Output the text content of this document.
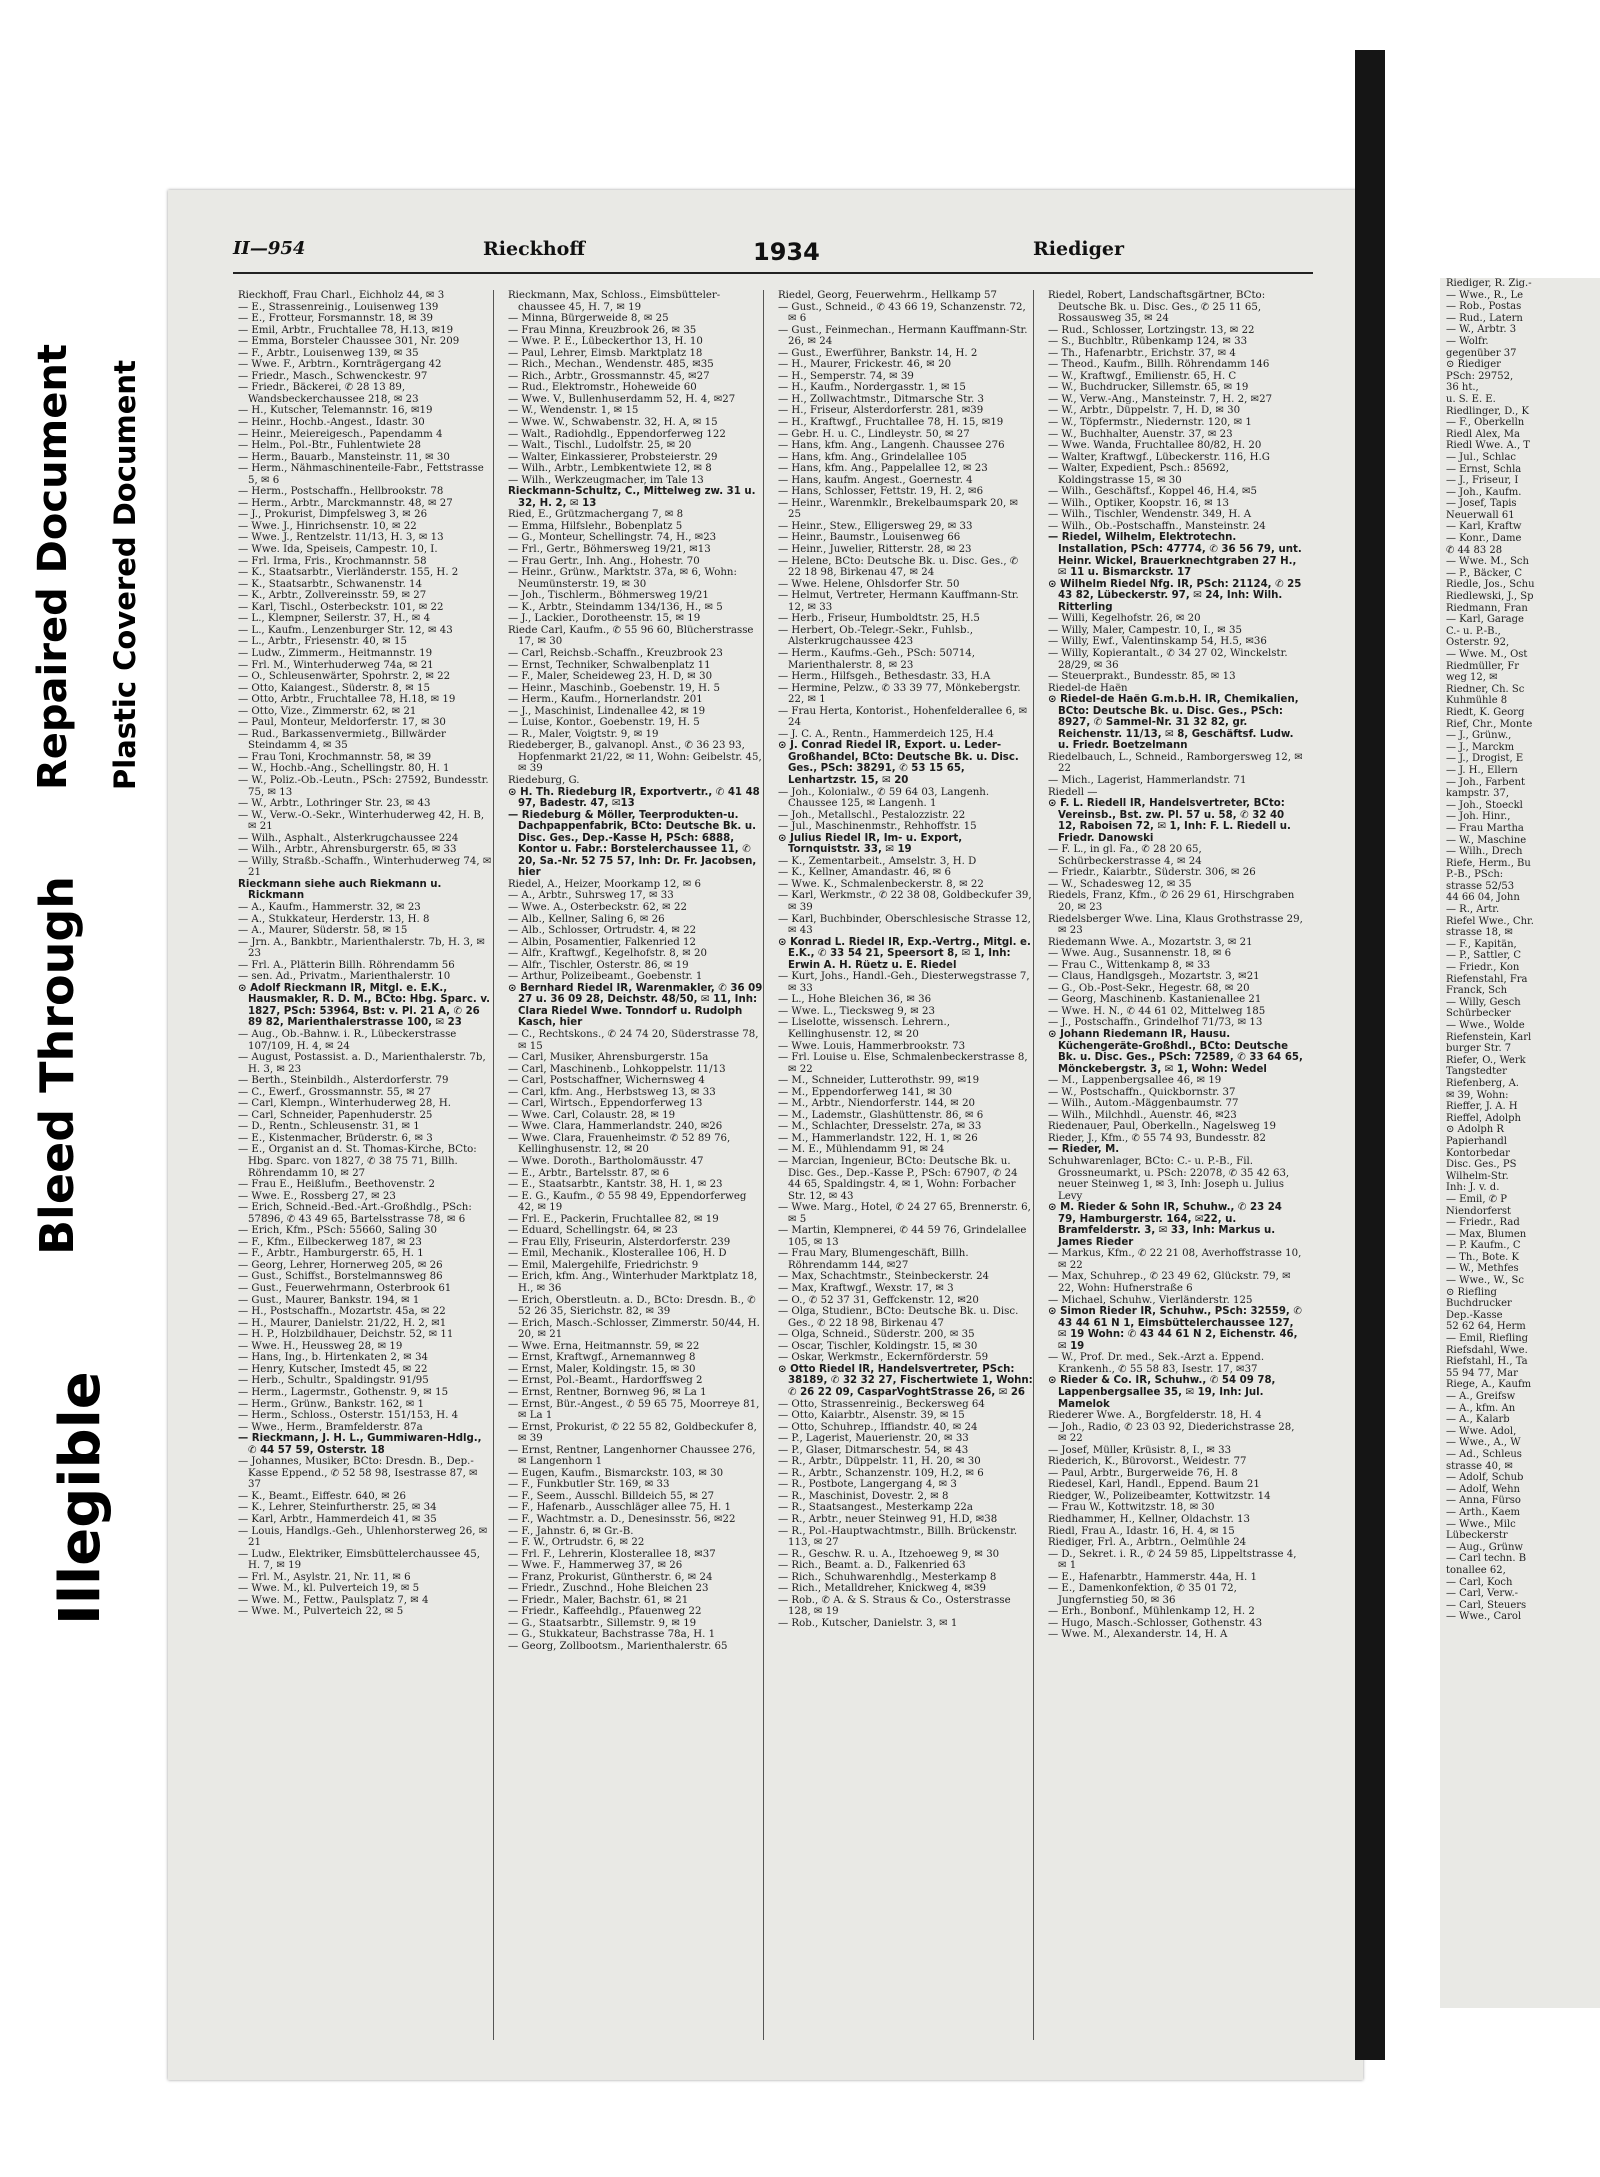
Bleed Through
Repaired Document
Illegible
Plastic Covered Document
II—954	Rieckhoff	1934	Riediger

Rieckhoff, Frau Charl., Eichholz 44, ✉ 3

— E., Strassenreinig., Louisenweg 139

— E., Frotteur, Forsmannstr. 18, ✉ 39

— Emil, Arbtr., Fruchtallee 78, H.13, ✉19

— Emma, Borsteler Chaussee 301, Nr. 209

— F., Arbtr., Louisenweg 139, ✉ 35

— Wwe. F., Arbtrn., Kornträgergang 42

— Friedr., Masch., Schwenckestr. 97

— Friedr., Bäckerei, ✆ 28 13 89, Wandsbeckerchaussee 218, ✉ 23

— H., Kutscher, Telemannstr. 16, ✉19

— Heinr., Hochb.-Angest., Idastr. 30

— Heinr., Meiereigesch., Papendamm 4

— Helm., Pol.-Btr., Fuhlentwiete 28

— Herm., Bauarb., Mansteinstr. 11, ✉ 30

— Herm., Nähmaschinenteile-Fabr., Fettstrasse 5, ✉ 6

— Herm., Postschaffn., Hellbrookstr. 78

— Herm., Arbtr., Marckmannstr. 48, ✉ 27

— J., Prokurist, Dimpfelsweg 3, ✉ 26

— Wwe. J., Hinrichsenstr. 10, ✉ 22

— Wwe. J., Rentzelstr. 11/13, H. 3, ✉ 13

— Wwe. Ida, Speiseis, Campestr. 10, I.

— Frl. Irma, Fris., Krochmannstr. 58

— K., Staatsarbtr., Vierländerstr. 155, H. 2

— K., Staatsarbtr., Schwanenstr. 14

— K., Arbtr., Zollvereinsstr. 59, ✉ 27

— Karl, Tischl., Osterbeckstr. 101, ✉ 22

— L., Klempner, Seilerstr. 37, H., ✉ 4

— L., Kaufm., Lenzenburger Str. 12, ✉ 43

— L., Arbtr., Friesenstr. 40, ✉ 15

— Ludw., Zimmerm., Heitmannstr. 19

— Frl. M., Winterhuderweg 74a, ✉ 21

— O., Schleusenwärter, Spohrstr. 2, ✉ 22

— Otto, Kaiangest., Süderstr. 8, ✉ 15

— Otto, Arbtr., Fruchtallee 78, H.18, ✉ 19

— Otto, Vize., Zimmerstr. 62, ✉ 21

— Paul, Monteur, Meldorferstr. 17, ✉ 30

— Rud., Barkassenvermietg., Billwärder Steindamm 4, ✉ 35

— Frau Toni, Krochmannstr. 58, ✉ 39

— W., Hochb.-Ang., Schellingstr. 80, H. 1

— W., Poliz.-Ob.-Leutn., PSch: 27592, Bundesstr. 75, ✉ 13

— W., Arbtr., Lothringer Str. 23, ✉ 43

— W., Verw.-O.-Sekr., Winterhuderweg 42, H. B, ✉ 21

— Wilh., Asphalt., Alsterkrugchaussee 224

— Wilh., Arbtr., Ahrensburgerstr. 65, ✉ 33

— Willy, Straßb.-Schaffn., Winterhuderweg 74, ✉ 21

Rieckmann siehe auch Riekmann u. Rickmann

— A., Kaufm., Hammerstr. 32, ✉ 23

— A., Stukkateur, Herderstr. 13, H. 8

— A., Maurer, Süderstr. 58, ✉ 15

— Jrn. A., Bankbtr., Marienthalerstr. 7b, H. 3, ✉ 23

— Frl. A., Plätterin Billh. Röhrendamm 56

— sen. Ad., Privatm., Marienthalerstr. 10

⊙ Adolf Rieckmann IR, Mitgl. e. E.K., Hausmakler, R. D. M., BCto: Hbg. Sparc. v. 1827, PSch: 53964, Bst: v. Pl. 21 A, ✆ 26 89 82, Marienthalerstrasse 100, ✉ 23

— Aug., Ob.-Bahnw. i. R., Lübeckerstrasse 107/109, H. 4, ✉ 24

— August, Postassist. a. D., Marienthalerstr. 7b, H. 3, ✉ 23

— Berth., Steinbildh., Alsterdorferstr. 79

— C., Ewerf., Grossmannstr. 55, ✉ 27

— Carl, Klempn., Winterhuderweg 28, H.

— Carl, Schneider, Papenhuderstr. 25

— D., Rentn., Schleusenstr. 31, ✉ 1

— E., Kistenmacher, Brüderstr. 6, ✉ 3

— E., Organist an d. St. Thomas-Kirche, BCto: Hbg. Sparc. von 1827, ✆ 38 75 71, Billh. Röhrendamm 10, ✉ 27

— Frau E., Heißlufm., Beethovenstr. 2

— Wwe. E., Rossberg 27, ✉ 23

— Erich, Schneid.-Bed.-Art.-Großhdlg., PSch: 57896, ✆ 43 49 65, Bartelsstrasse 78, ✉ 6

— Erich, Kfm., PSch: 55660, Saling 30

— F., Kfm., Eilbeckerweg 187, ✉ 23

— F., Arbtr., Hamburgerstr. 65, H. 1

— Georg, Lehrer, Hornerweg 205, ✉ 26

— Gust., Schiffst., Borstelmannsweg 86

— Gust., Feuerwehrmann, Osterbrook 61

— Gust., Maurer, Bankstr. 194, ✉ 1

— H., Postschaffn., Mozartstr. 45a, ✉ 22

— H., Maurer, Danielstr. 21/22, H. 2, ✉1

— H. P., Holzbildhauer, Deichstr. 52, ✉ 11

— Wwe. H., Heussweg 28, ✉ 19

— Hans, Ing., b. Hirtenkaten 2, ✉ 34

— Henry, Kutscher, Imstedt 45, ✉ 22

— Herb., Schultr., Spaldingstr. 91/95

— Herm., Lagermstr., Gothenstr. 9, ✉ 15

— Herm., Grünw., Bankstr. 162, ✉ 1

— Herm., Schloss., Osterstr. 151/153, H. 4

— Wwe., Herm., Bramfelderstr. 87a

— Rieckmann, J. H. L., Gummiwaren-Hdlg., ✆ 44 57 59, Osterstr. 18

— Johannes, Musiker, BCto: Dresdn. B., Dep.-Kasse Eppend., ✆ 52 58 98, Isestrasse 87, ✉ 37

— K., Beamt., Eiffestr. 640, ✉ 26

— K., Lehrer, Steinfurtherstr. 25, ✉ 34

— Karl, Arbtr., Hammerdeich 41, ✉ 35

— Louis, Handlgs.-Geh., Uhlenhorsterweg 26, ✉ 21

— Ludw., Elektriker, Eimsbüttelerchaussee 45, H. 7, ✉ 19

— Frl. M., Asylstr. 21, Nr. 11, ✉ 6

— Wwe. M., kl. Pulverteich 19, ✉ 5

— Wwe. M., Fettw., Paulsplatz 7, ✉ 4

— Wwe. M., Pulverteich 22, ✉ 5

Rieckmann, Max, Schloss., Eimsbütteler-chaussee 45, H. 7, ✉ 19

— Minna, Bürgerweide 8, ✉ 25

— Frau Minna, Kreuzbrook 26, ✉ 35

— Wwe. P. E., Lübeckerthor 13, H. 10

— Paul, Lehrer, Eimsb. Marktplatz 18

— Rich., Mechan., Wendenstr. 485, ✉35

— Rich., Arbtr., Grossmannstr. 45, ✉27

— Rud., Elektromstr., Hoheweide 60

— Wwe. V., Bullenhuserdamm 52, H. 4, ✉27

— W., Wendenstr. 1, ✉ 15

— Wwe. W., Schwabenstr. 32, H. A, ✉ 15

— Walt., Radiohdlg., Eppendorferweg 122

— Walt., Tischl., Ludolfstr. 25, ✉ 20

— Walter, Einkassierer, Probsteierstr. 29

— Wilh., Arbtr., Lembkentwiete 12, ✉ 8

— Wilh., Werkzeugmacher, im Tale 13

Rieckmann-Schultz, C., Mittelweg zw. 31 u. 32, H. 2, ✉ 13

Ried, E., Grützmachergang 7, ✉ 8

— Emma, Hilfslehr., Bobenplatz 5

— G., Monteur, Schellingstr. 74, H., ✉23

— Frl., Gertr., Böhmersweg 19/21, ✉13

— Frau Gertr., Inh. Ang., Hohestr. 70

— Heinr., Grünw., Marktstr. 37a, ✉ 6, Wohn: Neumünsterstr. 19, ✉ 30

— Joh., Tischlerm., Böhmersweg 19/21

— K., Arbtr., Steindamm 134/136, H., ✉ 5

— J., Lackier., Dorotheenstr. 15, ✉ 19

Riede Carl, Kaufm., ✆ 55 96 60, Blücherstrasse 17, ✉ 30

— Carl, Reichsb.-Schaffn., Kreuzbrook 23

— Ernst, Techniker, Schwalbenplatz 11

— F., Maler, Scheideweg 23, H. D, ✉ 30

— Heinr., Maschinb., Goebenstr. 19, H. 5

— Herm., Kaufm., Hornerlandstr. 201

— J., Maschinist, Lindenallee 42, ✉ 19

— Luise, Kontor., Goebenstr. 19, H. 5

— R., Maler, Voigtstr. 9, ✉ 19

Riedeberger, B., galvanopl. Anst., ✆ 36 23 93, Hopfenmarkt 21/22, ✉ 11, Wohn: Geibelstr. 45, ✉ 39

Riedeburg, G.

⊙ H. Th. Riedeburg IR, Exportvertr., ✆ 41 48 97, Badestr. 47, ✉13

— Riedeburg & Möller, Teerprodukten-u. Dachpappenfabrik, BCto: Deutsche Bk. u. Disc. Ges., Dep.-Kasse H, PSch: 6888, Kontor u. Fabr.: Borstelerchaussee 11, ✆ 20, Sa.-Nr. 52 75 57, Inh: Dr. Fr. Jacobsen, hier

Riedel, A., Heizer, Moorkamp 12, ✉ 6

— A., Arbtr., Suhrsweg 17, ✉ 33

— Wwe. A., Osterbeckstr. 62, ✉ 22

— Alb., Kellner, Saling 6, ✉ 26

— Alb., Schlosser, Ortrudstr. 4, ✉ 22

— Albin, Posamentier, Falkenried 12

— Alfr., Kraftwgf., Kegelhofstr. 8, ✉ 20

— Alfr., Tischler, Osterstr. 86, ✉ 19

— Arthur, Polizeibeamt., Goebenstr. 1

⊙ Bernhard Riedel IR, Warenmakler, ✆ 36 09 27 u. 36 09 28, Deichstr. 48/50, ✉ 11, Inh: Clara Riedel Wwe. Tonndorf u. Rudolph Kasch, hier

— C., Rechtskons., ✆ 24 74 20, Süderstrasse 78, ✉ 15

— Carl, Musiker, Ahrensburgerstr. 15a

— Carl, Maschinenb., Lohkoppelstr. 11/13

— Carl, Postschaffner, Wichernsweg 4

— Carl, kfm. Ang., Herbstsweg 13, ✉ 33

— Carl, Wirtsch., Eppendorferweg 13

— Wwe. Carl, Colaustr. 28, ✉ 19

— Wwe. Clara, Hammerlandstr. 240, ✉26

— Wwe. Clara, Frauenheimstr. ✆ 52 89 76, Kellinghusenstr. 12, ✉ 20

— Wwe. Doroth., Bartholomäusstr. 47

— E., Arbtr., Bartelsstr. 87, ✉ 6

— E., Staatsarbtr., Kantstr. 38, H. 1, ✉ 23

— E. G., Kaufm., ✆ 55 98 49, Eppendorferweg 42, ✉ 19

— Frl. E., Packerin, Fruchtallee 82, ✉ 19

— Eduard, Schellingstr. 64, ✉ 23

— Frau Elly, Friseurin, Alsterdorferstr. 239

— Emil, Mechanik., Klosterallee 106, H. D

— Emil, Malergehilfe, Friedrichstr. 9

— Erich, kfm. Ang., Winterhuder Marktplatz 18, H., ✉ 36

— Erich, Oberstleutn. a. D., BCto: Dresdn. B., ✆ 52 26 35, Sierichstr. 82, ✉ 39

— Erich, Masch.-Schlosser, Zimmerstr. 50/44, H. 20, ✉ 21

— Wwe. Erna, Heitmannstr. 59, ✉ 22

— Ernst, Kraftwgf., Arnemannweg 8

— Ernst, Maler, Koldingstr. 15, ✉ 30

— Ernst, Pol.-Beamt., Hardorffsweg 2

— Ernst, Rentner, Bornweg 96, ✉ La 1

— Ernst, Bür.-Angest., ✆ 59 65 75, Moorreye 81, ✉ La 1

— Ernst, Prokurist, ✆ 22 55 82, Goldbeckufer 8, ✉ 39

— Ernst, Rentner, Langenhorner Chaussee 276, ✉ Langenhorn 1

— Eugen, Kaufm., Bismarckstr. 103, ✉ 30

— F., Funkbutler Str. 169, ✉ 33

— F., Seem., Ausschl. Billdeich 55, ✉ 27

— F., Hafenarb., Ausschläger allee 75, H. 1

— F., Wachtmstr. a. D., Denesinsstr. 56, ✉22

— F., Jahnstr. 6, ✉ Gr.-B.

— F. W., Ortrudstr. 6, ✉ 22

— Frl. F., Lehrerin, Klosterallee 18, ✉37

— Wwe. F., Hammerweg 37, ✉ 26

— Franz, Prokurist, Güntherstr. 6, ✉ 24

— Friedr., Zuschnd., Hohe Bleichen 23

— Friedr., Maler, Bachstr. 61, ✉ 21

— Friedr., Kaffeehdlg., Pfauenweg 22

— G., Staatsarbtr., Sillemstr. 9, ✉ 19

— G., Stukkateur, Bachstrasse 78a, H. 1

— Georg, Zollbootsm., Marienthalerstr. 65

Riedel, Georg, Feuerwehrm., Hellkamp 57

— Gust., Schneid., ✆ 43 66 19, Schanzenstr. 72, ✉ 6

— Gust., Feinmechan., Hermann Kauffmann-Str. 26, ✉ 24

— Gust., Ewerführer, Bankstr. 14, H. 2

— H., Maurer, Frickestr. 46, ✉ 20

— H., Semperstr. 74, ✉ 39

— H., Kaufm., Nordergasstr. 1, ✉ 15

— H., Zollwachtmstr., Ditmarsche Str. 3

— H., Friseur, Alsterdorferstr. 281, ✉39

— H., Kraftwgf., Fruchtallee 78, H. 15, ✉19

— Gebr. H. u. C., Lindleystr. 50, ✉ 27

— Hans, kfm. Ang., Langenh. Chaussee 276

— Hans, kfm. Ang., Grindelallee 105

— Hans, kfm. Ang., Pappelallee 12, ✉ 23

— Hans, kaufm. Angest., Goernestr. 4

— Hans, Schlosser, Fettstr. 19, H. 2, ✉6

— Heinr., Warenmklr., Brekelbaumspark 20, ✉ 25

— Heinr., Stew., Elligersweg 29, ✉ 33

— Heinr., Baumstr., Louisenweg 66

— Heinr., Juwelier, Ritterstr. 28, ✉ 23

— Helene, BCto: Deutsche Bk. u. Disc. Ges., ✆ 22 18 98, Birkenau 47, ✉ 24

— Wwe. Helene, Ohlsdorfer Str. 50

— Helmut, Vertreter, Hermann Kauffmann-Str. 12, ✉ 33

— Herb., Friseur, Humboldtstr. 25, H.5

— Herbert, Ob.-Telegr.-Sekr., Fuhlsb., Alsterkrugchaussee 423

— Herm., Kaufms.-Geh., PSch: 50714, Marienthalerstr. 8, ✉ 23

— Herm., Hilfsgeh., Bethesdastr. 33, H.A

— Hermine, Pelzw., ✆ 33 39 77, Mönkebergstr. 22, ✉ 1

— Frau Herta, Kontorist., Hohenfelderallee 6, ✉ 24

— J. C. A., Rentn., Hammerdeich 125, H.4

⊙ J. Conrad Riedel IR, Export. u. Leder-Großhandel, BCto: Deutsche Bk. u. Disc. Ges., PSch: 38291, ✆ 53 15 65, Lenhartzstr. 15, ✉ 20

— Joh., Kolonialw., ✆ 59 64 03, Langenh. Chaussee 125, ✉ Langenh. 1

— Joh., Metallschl., Pestalozzistr. 22

— Jul., Maschinenmstr., Rehhoffstr. 15

⊙ Julius Riedel IR, Im- u. Export, Tornquiststr. 33, ✉ 19

— K., Zementarbeit., Amselstr. 3, H. D

— K., Kellner, Amandastr. 46, ✉ 6

— Wwe. K., Schmalenbeckerstr. 8, ✉ 22

— Karl, Werkmstr., ✆ 22 38 08, Goldbeckufer 39, ✉ 39

— Karl, Buchbinder, Oberschlesische Strasse 12, ✉ 43

⊙ Konrad L. Riedel IR, Exp.-Vertrg., Mitgl. e. E.K., ✆ 33 54 21, Speersort 8, ✉ 1, Inh: Erwin A. H. Rüetz u. E. Riedel

— Kurt, Johs., Handl.-Geh., Diesterwegstrasse 7, ✉ 33

— L., Hohe Bleichen 36, ✉ 36

— Wwe. L., Tiecksweg 9, ✉ 23

— Liselotte, wissensch. Lehrern., Kellinghusenstr. 12, ✉ 20

— Wwe. Louis, Hammerbrookstr. 73

— Frl. Louise u. Else, Schmalenbeckerstrasse 8, ✉ 22

— M., Schneider, Lutterothstr. 99, ✉19

— M., Eppendorferweg 141, ✉ 30

— M., Arbtr., Niendorferstr. 144, ✉ 20

— M., Lademstr., Glashüttenstr. 86, ✉ 6

— M., Schlachter, Dresselstr. 27a, ✉ 33

— M., Hammerlandstr. 122, H. 1, ✉ 26

— M. E., Mühlendamm 91, ✉ 24

— Marcian, Ingenieur, BCto: Deutsche Bk. u. Disc. Ges., Dep.-Kasse P., PSch: 67907, ✆ 24 44 65, Spaldingstr. 4, ✉ 1, Wohn: Forbacher Str. 12, ✉ 43

— Wwe. Marg., Hotel, ✆ 24 27 65, Brennerstr. 6, ✉ 5

— Martin, Klempnerei, ✆ 44 59 76, Grindelallee 105, ✉ 13

— Frau Mary, Blumengeschäft, Billh. Röhrendamm 144, ✉27

— Max, Schachtmstr., Steinbeckerstr. 24

— Max, Kraftwgf., Wexstr. 17, ✉ 3

— O., ✆ 52 37 31, Geffckenstr. 12, ✉20

— Olga, Studienr., BCto: Deutsche Bk. u. Disc. Ges., ✆ 22 18 98, Birkenau 47

— Olga, Schneid., Süderstr. 200, ✉ 35

— Oscar, Tischler, Koldingstr. 15, ✉ 30

— Oskar, Werkmstr., Eckernförderstr. 59

⊙ Otto Riedel IR, Handelsvertreter, PSch: 38189, ✆ 32 32 27, Fischertwiete 1, Wohn: ✆ 26 22 09, CasparVoghtStrasse 26, ✉ 26

— Otto, Strassenreinig., Beckersweg 64

— Otto, Kaiarbtr., Alsenstr. 39, ✉ 15

— Otto, Schuhrep., Iffiandstr. 40, ✉ 24

— P., Lagerist, Mauerienstr. 20, ✉ 33

— P., Glaser, Ditmarschestr. 54, ✉ 43

— R., Arbtr., Düppelstr. 11, H. 20, ✉ 30

— R., Arbtr., Schanzenstr. 109, H.2, ✉ 6

— R., Postbote, Langergang 4, ✉ 3

— R., Maschinist, Dovestr. 2, ✉ 8

— R., Staatsangest., Mesterkamp 22a

— R., Arbtr., neuer Steinweg 91, H.D, ✉38

— R., Pol.-Hauptwachtmstr., Billh. Brückenstr. 113, ✉ 27

— R., Geschw. R. u. A., Itzehoeweg 9, ✉ 30

— Rich., Beamt. a. D., Falkenried 63

— Rich., Schuhwarenhdlg., Mesterkamp 8

— Rich., Metalldreher, Knickweg 4, ✉39

— Rob., ✆ A. & S. Straus & Co., Osterstrasse 128, ✉ 19

— Rob., Kutscher, Danielstr. 3, ✉ 1

Riedel, Robert, Landschaftsgärtner, BCto: Deutsche Bk. u. Disc. Ges., ✆ 25 11 65, Rossausweg 35, ✉ 24

— Rud., Schlosser, Lortzingstr. 13, ✉ 22

— S., Buchbltr., Rübenkamp 124, ✉ 33

— Th., Hafenarbtr., Erichstr. 37, ✉ 4

— Theod., Kaufm., Billh. Röhrendamm 146

— W., Kraftwgf., Emilienstr. 65, H. C

— W., Buchdrucker, Sillemstr. 65, ✉ 19

— W., Verw.-Ang., Mansteinstr. 7, H. 2, ✉27

— W., Arbtr., Düppelstr. 7, H. D, ✉ 30

— W., Töpfermstr., Niedernstr. 120, ✉ 1

— W., Buchhalter, Auenstr. 37, ✉ 23

— Wwe. Wanda, Fruchtallee 80/82, H. 20

— Walter, Kraftwgf., Lübeckerstr. 116, H.G

— Walter, Expedient, Psch.: 85692, Koldingstrasse 15, ✉ 30

— Wilh., Geschäftsf., Koppel 46, H.4, ✉5

— Wilh., Optiker, Koopstr. 16, ✉ 13

— Wilh., Tischler, Wendenstr. 349, H. A

— Wilh., Ob.-Postschaffn., Mansteinstr. 24

— Riedel, Wilhelm, Elektrotechn. Installation, PSch: 47774, ✆ 36 56 79, unt. Heinr. Wickel, Brauerknechtgraben 27 H., ✉ 11 u. Bismarckstr. 17

⊙ Wilhelm Riedel Nfg. IR, PSch: 21124, ✆ 25 43 82, Lübeckerstr. 97, ✉ 24, Inh: Wilh. Ritterling

— Willi, Kegelhofstr. 26, ✉ 20

— Willy, Maler, Campestr. 10, I., ✉ 35

— Willy, Ewf., Valentinskamp 54, H.5, ✉36

— Willy, Kopierantalt., ✆ 34 27 02, Winckelstr. 28/29, ✉ 36

— Steuerprakt., Bundesstr. 85, ✉ 13

Riedel-de Haën

⊙ Riedel-de Haën G.m.b.H. IR, Chemikalien, BCto: Deutsche Bk. u. Disc. Ges., PSch: 8927, ✆ Sammel-Nr. 31 32 82, gr. Reichenstr. 11/13, ✉ 8, Geschäftsf. Ludw. u. Friedr. Boetzelmann

Riedelbauch, L., Schneid., Ramborgersweg 12, ✉ 22

— Mich., Lagerist, Hammerlandstr. 71

Riedell —

⊙ F. L. Riedell IR, Handelsvertreter, BCto: Vereinsb., Bst. zw. Pl. 57 u. 58, ✆ 32 40 12, Raboisen 72, ✉ 1, Inh: F. L. Riedell u. Friedr. Danowski

— F. L., in gl. Fa., ✆ 28 20 65, Schürbeckerstrasse 4, ✉ 24

— Friedr., Kaiarbtr., Süderstr. 306, ✉ 26

— W., Schadesweg 12, ✉ 35

Riedels, Franz, Kfm., ✆ 26 29 61, Hirschgraben 20, ✉ 23

Riedelsberger Wwe. Lina, Klaus Grothstrasse 29, ✉ 23

Riedemann Wwe. A., Mozartstr. 3, ✉ 21

— Wwe. Aug., Susannenstr. 18, ✉ 6

— Frau C., Wittenkamp 8, ✉ 33

— Claus, Handlgsgeh., Mozartstr. 3, ✉21

— G., Ob.-Post-Sekr., Hegestr. 68, ✉ 20

— Georg, Maschinenb. Kastanienallee 21

— Wwe. H. N., ✆ 44 61 02, Mittelweg 185

— J., Postschaffn., Grindelhof 71/73, ✉ 13

⊙ Johann Riedemann IR, Hausu. Küchengeräte-Großhdl., BCto: Deutsche Bk. u. Disc. Ges., PSch: 72589, ✆ 33 64 65, Mönckebergstr. 3, ✉ 1, Wohn: Wedel

— M., Lappenbergsallee 46, ✉ 19

— W., Postschaffn., Quickbornstr. 37

— Wilh., Autom.-Mäggenbaumstr. 77

— Wilh., Milchhdl., Auenstr. 46, ✉23

Riedenauer, Paul, Oberkelln., Nagelsweg 19

Rieder, J., Kfm., ✆ 55 74 93, Bundesstr. 82

— Rieder, M.

Schuhwarenlager, BCto: C.- u. P.-B., Fil. Grossneumarkt, u. PSch: 22078, ✆ 35 42 63, neuer Steinweg 1, ✉ 3, Inh: Joseph u. Julius Levy

⊙ M. Rieder & Sohn IR, Schuhw., ✆ 23 24 79, Hamburgerstr. 164, ✉22, u. Bramfelderstr. 3, ✉ 33, Inh: Markus u. James Rieder

— Markus, Kfm., ✆ 22 21 08, Averhoffstrasse 10, ✉ 22

— Max, Schuhrep., ✆ 23 49 62, Glückstr. 79, ✉ 22, Wohn: Hufnerstraße 6

— Michael, Schuhw., Vierländerstr. 125

⊙ Simon Rieder IR, Schuhw., PSch: 32559, ✆ 43 44 61 N 1, Eimsbüttelerchaussee 127, ✉ 19 Wohn: ✆ 43 44 61 N 2, Eichenstr. 46, ✉ 19

— W., Prof. Dr. med., Sek.-Arzt a. Eppend. Krankenh., ✆ 55 58 83, Isestr. 17, ✉37

⊙ Rieder & Co. IR, Schuhw., ✆ 54 09 78, Lappenbergsallee 35, ✉ 19, Inh: Jul. Mamelok

Riederer Wwe. A., Borgfelderstr. 18, H. 4

— Joh., Radio, ✆ 23 03 92, Diederichstrasse 28, ✉ 22

— Josef, Müller, Krüsistr. 8, I., ✉ 33

Riederich, K., Bürovorst., Weidestr. 77

— Paul, Arbtr., Burgerweide 76, H. 8

Riedesel, Karl, Handl., Eppend. Baum 21

Riedger, W., Polizeibeamter, Kottwitzstr. 14

— Frau W., Kottwitzstr. 18, ✉ 30

Riedhammer, H., Kellner, Oldachstr. 13

Riedl, Frau A., Idastr. 16, H. 4, ✉ 15

Riediger, Frl. A., Arbtrn., Oelmühle 24

— D., Sekret. i. R., ✆ 24 59 85, Lippeltstrasse 4, ✉ 1

— E., Hafenarbtr., Hammerstr. 44a, H. 1

— E., Damenkonfektion, ✆ 35 01 72, Jungfernstieg 50, ✉ 36

— Erh., Bonbonf., Mühlenkamp 12, H. 2

— Hugo, Masch.-Schlosser, Gothenstr. 43

— Wwe. M., Alexanderstr. 14, H. A

Riediger, R. Zig.-
— Wwe., R., Le
— Rob., Postas
— Rud., Latern
— W., Arbtr. 3
— Wolfr.
gegenüber 37
⊙ Riediger
PSch: 29752,
36 ht.,
u. S. E. E.
Riedlinger, D., K
— F., Oberkelln
Riedl Alex, Ma
Riedl Wwe. A., T
— Jul., Schlac
— Ernst, Schla
— J., Friseur, I
— Joh., Kaufm.
— Josef, Tapis
Neuerwall 61
— Karl, Kraftw
— Konr., Dame
✆ 44 83 28
— Wwe. M., Sch
— P., Bäcker, C
Riedle, Jos., Schu
Riedlewski, J., Sp
Riedmann, Fran
— Karl, Garage
C.- u. P.-B.,
Osterstr. 92,
— Wwe. M., Ost
Riedmüller, Fr
weg 12, ✉
Riedner, Ch. Sc
Kuhmühle 8
Riedt, K. Georg
Rief, Chr., Monte
— J., Grünw.,
— J., Marckm
— J., Drogist, E
— J. H., Ellern
— Joh., Farbent
kampstr. 37,
— Joh., Stoeckl
— Joh. Hinr.,
— Frau Martha
— W., Maschine
— Wilh., Drech
Riefe, Herm., Bu
P.-B., PSch:
strasse 52/53
44 66 04, John
— R., Artr.
Riefel Wwe., Chr.
strasse 18, ✉
— F., Kapitän,
— P., Sattler, C
— Friedr., Kon
Riefenstahl, Fra
Franck, Sch
— Willy, Gesch
Schürbecker
— Wwe., Wolde
Riefenstein, Karl
burger Str. 7
Riefer, O., Werk
Tangstedter
Riefenberg, A.
✉ 39, Wohn:
Rieffer, J. A. H
Rieffel, Adolph
⊙ Adolph R
Papierhandl
Kontorbedar
Disc. Ges., PS
Wilhelm-Str.
Inh: J. v. d.
— Emil, ✆ P
Niendorferst
— Friedr., Rad
— Max, Blumen
— P. Kaufm., C
— Th., Bote. K
— W., Methfes
— Wwe., W., Sc
⊙ Riefling
Buchdrucker
Dep.-Kasse
52 62 64, Herm
— Emil, Riefling
Riefsdahl, Wwe.
Riefstahl, H., Ta
55 94 77, Mar
Riege, A., Kaufm
— A., Greifsw
— A., kfm. An
— A., Kalarb
— Wwe. Adol,
— Wwe., A., W
— Ad., Schleus
strasse 40, ✉
— Adolf, Schub
— Adolf, Wehn
— Anna, Fürso
— Arth., Kaem
— Wwe., Milc
Lübeckerstr
— Aug., Grünw
— Carl techn. B
tonallee 62,
— Carl, Koch
— Carl, Verw.-
— Carl, Steuers
— Wwe., Carol
